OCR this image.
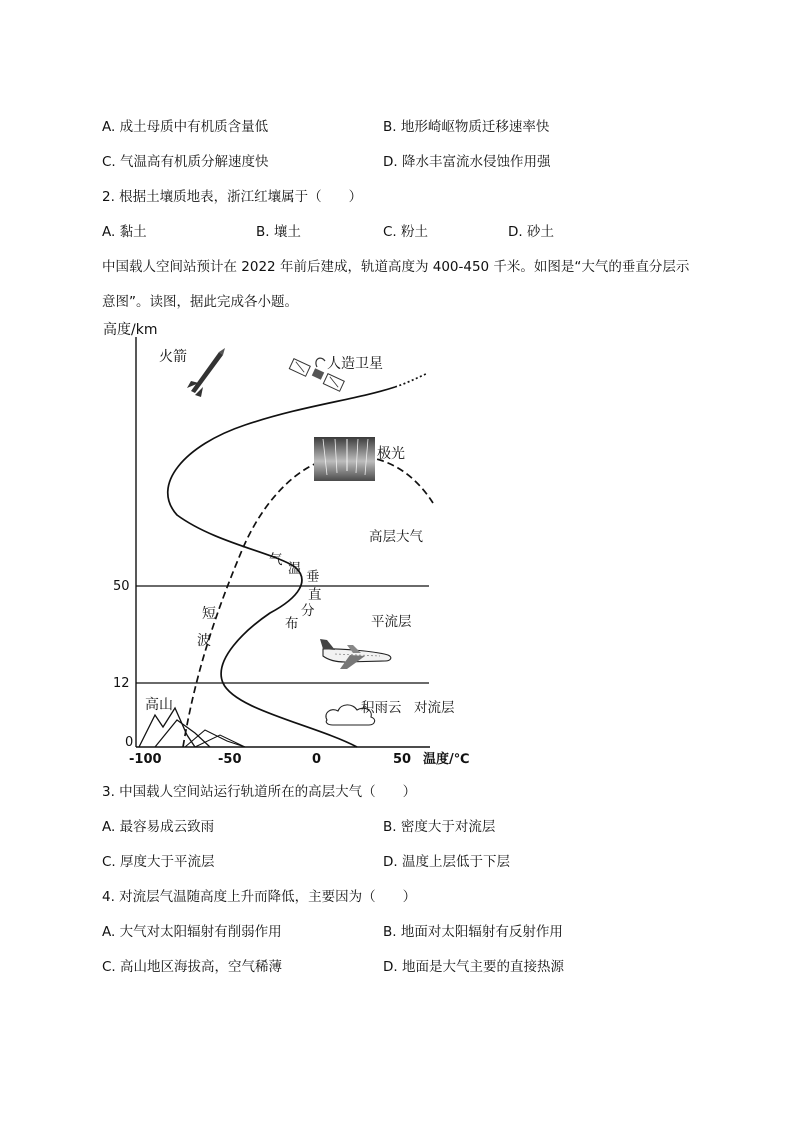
A. 成土母质中有机质含量低	B. 地形崎岖物质迁移速率快
C. 气温高有机质分解速度快	D. 降水丰富流水侵蚀作用强
2. 根据土壤质地表，浙江红壤属于（　　）
A. 黏土	B. 壤土	C. 粉土	D. 砂土
中国载人空间站预计在 2022 年前后建成，轨道高度为 400-450 千米。如图是“大气的垂直分层示
意图”。读图，据此完成各小题。
高度/km
温度/℃
0
12
50
-100	-50	0	50
火箭	人造卫星
极光
高层大气
气
温 垂
直
分
布
短
波
平流层
高山	积雨云 对流层
3. 中国载人空间站运行轨道所在的高层大气（　　）
A. 最容易成云致雨	B. 密度大于对流层
C. 厚度大于平流层	D. 温度上层低于下层
4. 对流层气温随高度上升而降低，主要因为（　　）
A. 大气对太阳辐射有削弱作用	B. 地面对太阳辐射有反射作用
C. 高山地区海拔高，空气稀薄	D. 地面是大气主要的直接热源
